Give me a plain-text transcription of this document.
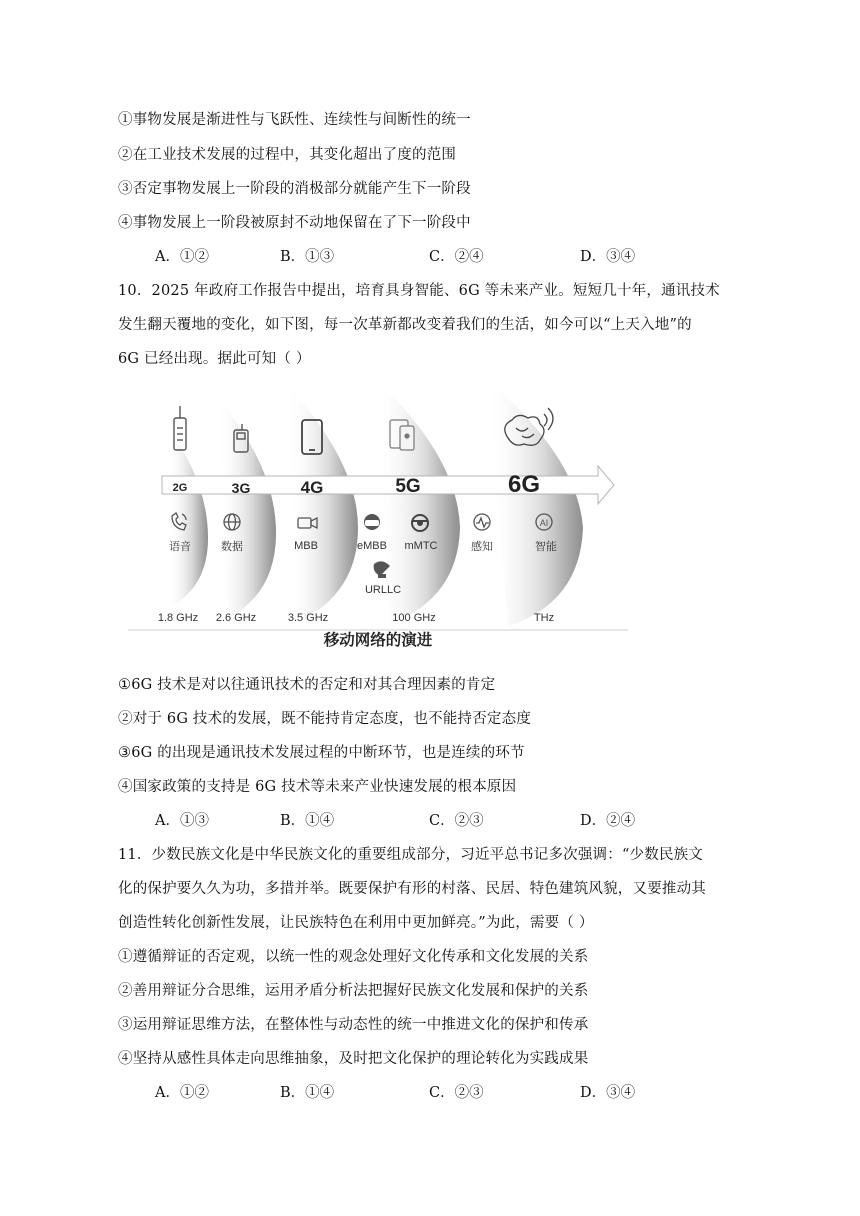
①事物发展是渐进性与飞跃性、连续性与间断性的统一
②在工业技术发展的过程中，其变化超出了度的范围
③否定事物发展上一阶段的消极部分就能产生下一阶段
④事物发展上一阶段被原封不动地保留在了下一阶段中
A．①②	B．①③	C．②④	D．③④
10．2025 年政府工作报告中提出，培育具身智能、6G 等未来产业。短短几十年，通讯技术
发生翻天覆地的变化，如下图，每一次革新都改变着我们的生活，如今可以“上天入地”的
6G 已经出现。据此可知（ ）
AI
2G	3G	4G	5G	6G
语音	数据	MBB	eMBB mMTC
URLLC
感知	智能
1.8 GHz 2.6 GHz	3.5 GHz	100 GHz	THz
移动网络的演进
①6G 技术是对以往通讯技术的否定和对其合理因素的肯定
②对于 6G 技术的发展，既不能持肯定态度，也不能持否定态度
③6G 的出现是通讯技术发展过程的中断环节，也是连续的环节
④国家政策的支持是 6G 技术等未来产业快速发展的根本原因
A．①③	B．①④	C．②③	D．②④
11．少数民族文化是中华民族文化的重要组成部分，习近平总书记多次强调：“少数民族文
化的保护要久久为功，多措并举。既要保护有形的村落、民居、特色建筑风貌，又要推动其
创造性转化创新性发展，让民族特色在利用中更加鲜亮。”为此，需要（ ）
①遵循辩证的否定观，以统一性的观念处理好文化传承和文化发展的关系
②善用辩证分合思维，运用矛盾分析法把握好民族文化发展和保护的关系
③运用辩证思维方法，在整体性与动态性的统一中推进文化的保护和传承
④坚持从感性具体走向思维抽象，及时把文化保护的理论转化为实践成果
A．①②	B．①④	C．②③	D．③④
